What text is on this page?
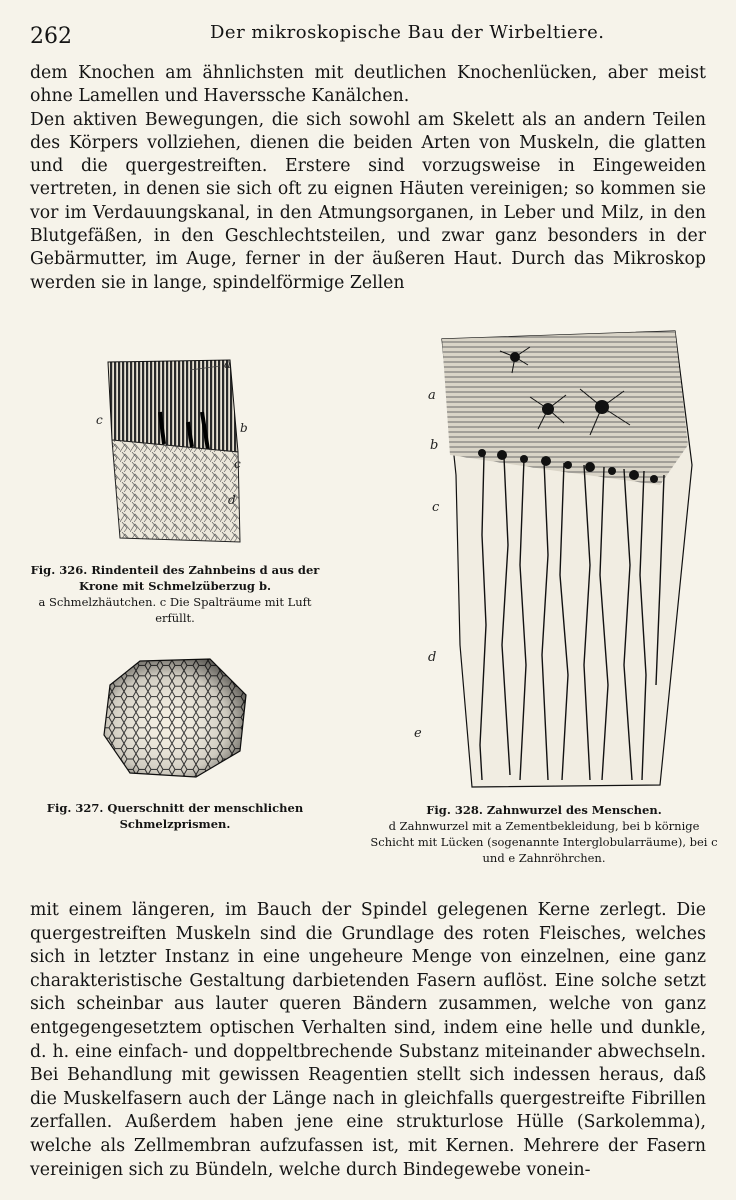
262	Der mikroskopische Bau der Wirbeltiere.

dem Knochen am ähnlichsten mit deutlichen Knochenlücken, aber meist ohne Lamellen und Haverssche Kanälchen.
Den aktiven Bewegungen, die sich sowohl am Skelett als an andern Teilen des Körpers vollziehen, dienen die beiden Arten von Muskeln, die glatten und die quergestreiften. Erstere sind vorzugsweise in Eingeweiden vertreten, in denen sie sich oft zu eignen Häuten vereinigen; so kommen sie vor im Verdauungskanal, in den Atmungsorganen, in Leber und Milz, in den Blutgefäßen, in den Geschlechtsteilen, und zwar ganz besonders in der Gebärmutter, im Auge, ferner in der äußeren Haut. Durch das Mikroskop werden sie in lange, spindelförmige Zellen

a
b
c
c
d
Fig. 326. Rindenteil des Zahnbeins d aus der Krone mit Schmelzüberzug b.
a Schmelzhäutchen. c Die Spalträume mit Luft erfüllt.
Fig. 327. Querschnitt der menschlichen Schmelzprismen.
a
b
c
d
e
Fig. 328. Zahnwurzel des Menschen.
d Zahnwurzel mit a Zementbekleidung, bei b körnige Schicht mit Lücken (sogenannte Interglobularräume), bei c und e Zahnröhrchen.

mit einem längeren, im Bauch der Spindel gelegenen Kerne zerlegt. Die quergestreiften Muskeln sind die Grundlage des roten Fleisches, welches sich in letzter Instanz in eine ungeheure Menge von einzelnen, eine ganz charakteristische Gestaltung darbietenden Fasern auflöst. Eine solche setzt sich scheinbar aus lauter queren Bändern zusammen, welche von ganz entgegengesetztem optischen Verhalten sind, indem eine helle und dunkle, d. h. eine einfach- und doppeltbrechende Substanz miteinander abwechseln. Bei Behandlung mit gewissen Reagentien stellt sich indessen heraus, daß die Muskelfasern auch der Länge nach in gleichfalls quergestreifte Fibrillen zerfallen. Außerdem haben jene eine strukturlose Hülle (Sarkolemma), welche als Zellmembran aufzufassen ist, mit Kernen. Mehrere der Fasern vereinigen sich zu Bündeln, welche durch Bindegewebe vonein-
